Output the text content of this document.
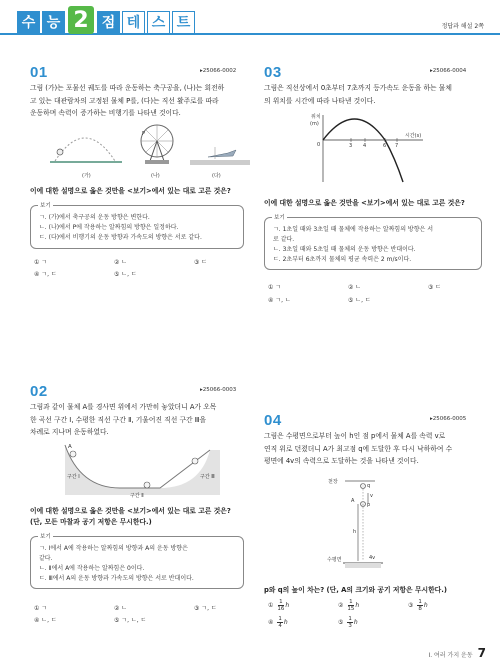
수 능 2 점 테 스 트	정답과 해설 2쪽
01	▸25066-0002
그림 (가)는 포물선 궤도를 따라 운동하는 축구공을, (나)는 회전하
고 있는 대관람차의 고정된 물체 P를, (다)는 직선 활주로를 따라
운동하며 속력이 증가하는 비행기를 나타낸 것이다.
P
(가)	(나)	(다)
이에 대한 설명으로 옳은 것만을 <보기>에서 있는 대로 고른 것은?
보기

ㄱ. (가)에서 축구공의 운동 방향은 변한다.

ㄴ. (나)에서 P에 작용하는 알짜힘의 방향은 일정하다.

ㄷ. (다)에서 비행기의 운동 방향과 가속도의 방향은 서로 같다.

① ㄱ	② ㄴ	③ ㄷ
④ ㄱ, ㄷ	⑤ ㄴ, ㄷ
02	▸25066-0003
그림과 같이 물체 A를 경사면 위에서 가만히 놓았더니 A가 오목
한 곡선 구간 Ⅰ, 수평한 직선 구간 Ⅱ, 기울어진 직선 구간 Ⅲ을
차례로 지나며 운동하였다.
A
구간 Ⅰ
구간 Ⅱ
구간 Ⅲ
이에 대한 설명으로 옳은 것만을 <보기>에서 있는 대로 고른 것은?
(단, 모든 마찰과 공기 저항은 무시한다.)
보기

ㄱ. Ⅰ에서 A에 작용하는 알짜힘의 방향과 A의 운동 방향은

같다.

ㄴ. Ⅱ에서 A에 작용하는 알짜힘은 0이다.

ㄷ. Ⅲ에서 A의 운동 방향과 가속도의 방향은 서로 반대이다.

① ㄱ	② ㄴ	③ ㄱ, ㄷ
④ ㄴ, ㄷ	⑤ ㄱ, ㄴ, ㄷ
03	▸25066-0004
그림은 직선상에서 0초부터 7초까지 등가속도 운동을 하는 물체
의 위치를 시간에 따라 나타낸 것이다.
위치
(m)
0	3 4	6 7
시간(s)
이에 대한 설명으로 옳은 것만을 <보기>에서 있는 대로 고른 것은?
보기

ㄱ. 1초일 때와 3초일 때 물체에 작용하는 알짜힘의 방향은 서

로 같다.

ㄴ. 3초일 때와 5초일 때 물체의 운동 방향은 반대이다.

ㄷ. 2초부터 6초까지 물체의 평균 속력은 2 m/s이다.

① ㄱ	② ㄴ	③ ㄷ
④ ㄱ, ㄴ	⑤ ㄴ, ㄷ
04	▸25066-0005
그림은 수평면으로부터 높이 h인 점 p에서 물체 A를 속력 v로
연직 위로 던졌더니 A가 최고점 q에 도달한 후 다시 낙하하여 수
평면에 4v의 속력으로 도달하는 것을 나타낸 것이다.
천장
q
A
p
h
수평면	4v
v
p와 q의 높이 차는? (단, A의 크기와 공기 저항은 무시한다.)
① 1
16 h	② 1
15 h	③ 1
8 h
④ 1
4 h	⑤ 1
3 h
Ⅰ. 여러 가지 운동 7
